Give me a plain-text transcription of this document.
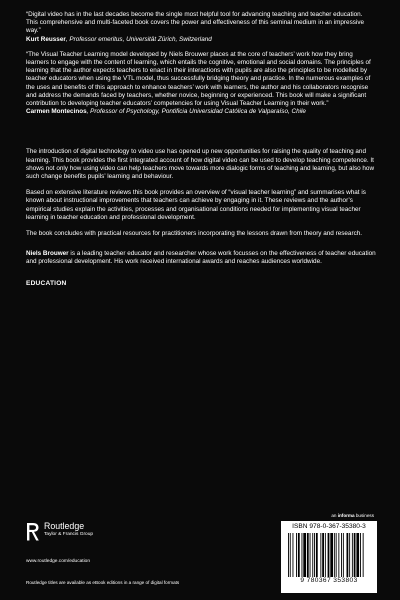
“Digital video has in the last decades become the single most helpful tool for advancing teaching and teacher education. This comprehensive and multi-faceted book covers the power and effectiveness of this seminal medium in an impressive way.”

Kurt Reusser, Professor emeritus, Universität Zürich, Switzerland

“The Visual Teacher Learning model developed by Niels Brouwer places at the core of teachers’ work how they bring learners to engage with the content of learning, which entails the cognitive, emotional and social domains. The principles of learning that the author expects teachers to enact in their interactions with pupils are also the principles to be modelled by teacher educators when using the VTL model, thus successfully bridging theory and practice. In the numerous examples of the uses and benefits of this approach to enhance teachers’ work with learners, the author and his collaborators recognise and address the demands faced by teachers, whether novice, beginning or experienced. This book will make a significant contribution to developing teacher educators’ competencies for using Visual Teacher Learning in their work.”

Carmen Montecinos, Professor of Psychology, Pontificia Universidad Católica de Valparaíso, Chile

The introduction of digital technology to video use has opened up new opportunities for raising the quality of teaching and learning. This book provides the first integrated account of how digital video can be used to develop teaching competence. It shows not only how using video can help teachers move towards more dialogic forms of teaching and learning, but also how such change benefits pupils’ learning and behaviour.

Based on extensive literature reviews this book provides an overview of “visual teacher learning” and summarises what is known about instructional improvements that teachers can achieve by engaging in it. These reviews and the author’s empirical studies explain the activities, processes and organisational conditions needed for implementing visual teacher learning in teacher education and professional development.

The book concludes with practical resources for practitioners incorporating the lessons drawn from theory and research.

Niels Brouwer is a leading teacher educator and researcher whose work focusses on the effectiveness of teacher education and professional development. His work received international awards and reaches audiences worldwide.

EDUCATION

an informa business
Routledge
Taylor & Francis Group
www.routledge.com/education
Routledge titles are available as eBook editions in a range of digital formats
ISBN 978-0-367-35380-3
9 780367 353803
